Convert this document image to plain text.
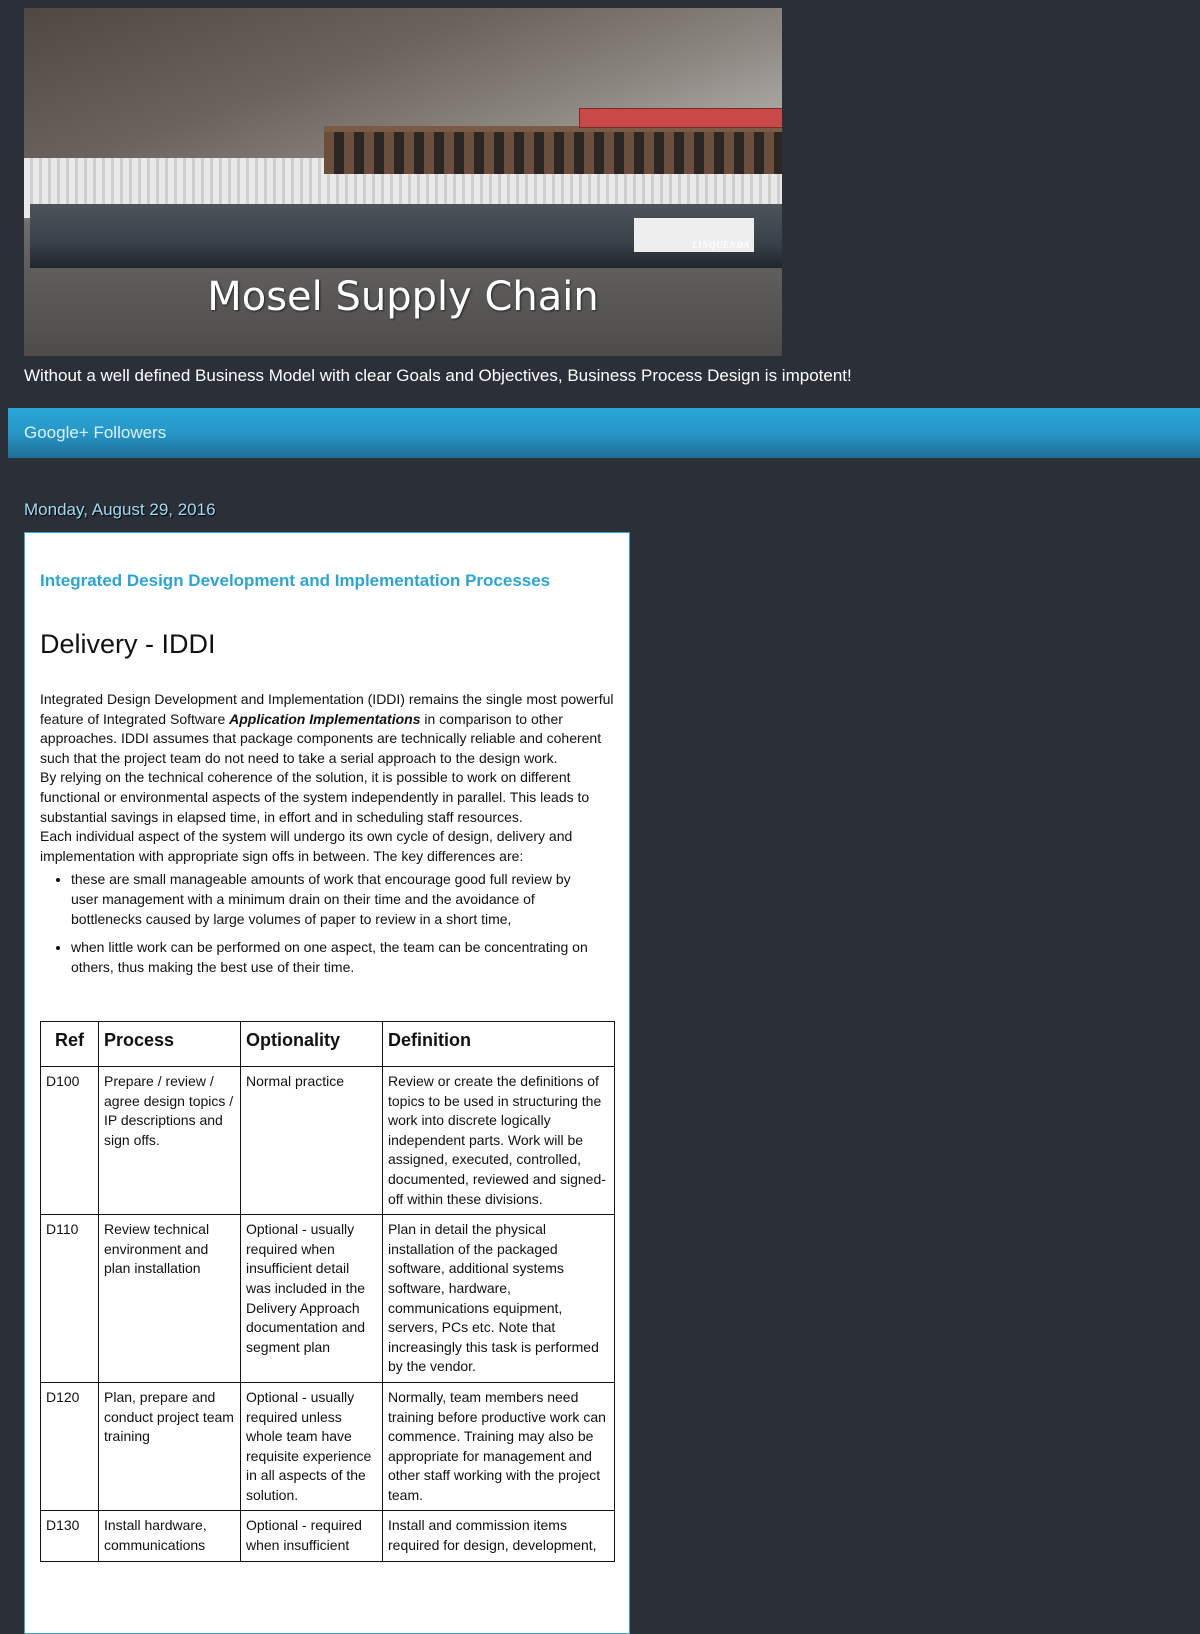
LINQUENDA
Mosel Supply Chain
Without a well defined Business Model with clear Goals and Objectives, Business Process Design is impotent!
Google+ Followers
Monday, August 29, 2016
Integrated Design Development and Implementation Processes
Delivery - IDDI

Integrated Design Development and Implementation (IDDI) remains the single most powerful feature of Integrated Software Application Implementations in comparison to other approaches. IDDI assumes that package components are technically reliable and coherent such that the project team do not need to take a serial approach to the design work.

By relying on the technical coherence of the solution, it is possible to work on different functional or environmental aspects of the system independently in parallel. This leads to substantial savings in elapsed time, in effort and in scheduling staff resources.

Each individual aspect of the system will undergo its own cycle of design, delivery and implementation with appropriate sign offs in between. The key differences are:

• these are small manageable amounts of work that encourage good full review by user management with a minimum drain on their time and the avoidance of bottlenecks caused by large volumes of paper to review in a short time,
• when little work can be performed on one aspect, the team can be concentrating on others, thus making the best use of their time.
Ref	Process	Optionality	Definition
D100	Prepare / review / agree design topics / IP descriptions and sign offs.	Normal practice	Review or create the definitions of topics to be used in structuring the work into discrete logically independent parts. Work will be assigned, executed, controlled, documented, reviewed and signed-off within these divisions.
D110	Review technical environment and plan installation	Optional - usually required when insufficient detail was included in the Delivery Approach documentation and segment plan	Plan in detail the physical installation of the packaged software, additional systems software, hardware, communications equipment, servers, PCs etc. Note that increasingly this task is performed by the vendor.
D120	Plan, prepare and conduct project team training	Optional - usually required unless whole team have requisite experience in all aspects of the solution.	Normally, team members need training before productive work can commence. Training may also be appropriate for management and other staff working with the project team.
D130	Install hardware, communications	Optional - required when insufficient	Install and commission items required for design, development,
